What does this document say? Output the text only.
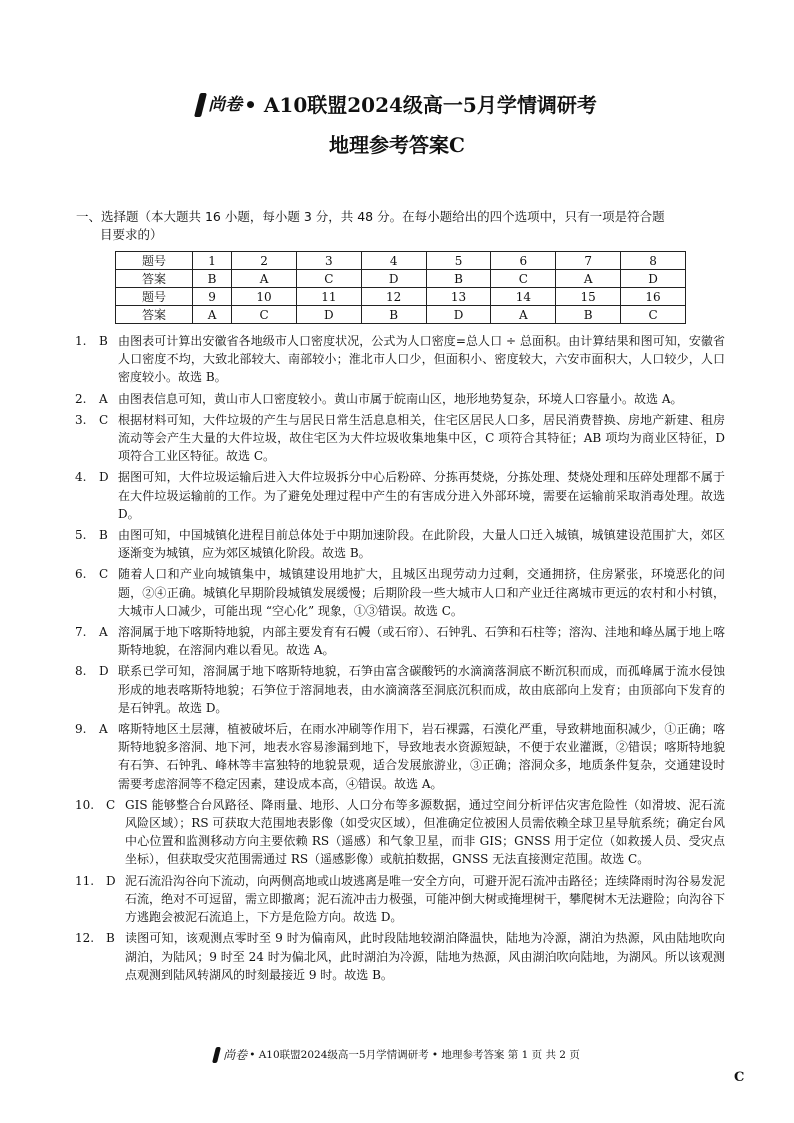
尚卷 • A10联盟2024级高一5月学情调研考
地理参考答案C
一、选择题（本大题共 16 小题，每小题 3 分，共 48 分。在每小题给出的四个选项中，只有一项是符合题
目要求的）
题号	1	2	3	4	5	6	7	8
答案	B	A	C	D	B	C	A	D
题号	9	10	11	12	13	14	15	16
答案	A	C	D	B	D	A	B	C
1.	B 由图表可计算出安徽省各地级市人口密度状况，公式为人口密度=总人口 ÷ 总面积。由计算结果和图可知，安徽省人口密度不均，大致北部较大、南部较小；淮北市人口少，但面积小、密度较大，六安市面积大，人口较少，人口密度较小。故选 B。
2.	A 由图表信息可知，黄山市人口密度较小。黄山市属于皖南山区，地形地势复杂，环境人口容量小。故选 A。
3.	C 根据材料可知，大件垃圾的产生与居民日常生活息息相关，住宅区居民人口多，居民消费替换、房地产新建、租房流动等会产生大量的大件垃圾，故住宅区为大件垃圾收集地集中区，C 项符合其特征；AB 项均为商业区特征，D 项符合工业区特征。故选 C。
4.	D 据图可知，大件垃圾运输后进入大件垃圾拆分中心后粉碎、分拣再焚烧，分拣处理、焚烧处理和压碎处理都不属于在大件垃圾运输前的工作。为了避免处理过程中产生的有害成分进入外部环境，需要在运输前采取消毒处理。故选 D。
5.	B 由图可知，中国城镇化进程目前总体处于中期加速阶段。在此阶段，大量人口迁入城镇，城镇建设范围扩大，郊区逐渐变为城镇，应为郊区城镇化阶段。故选 B。
6.	C 随着人口和产业向城镇集中，城镇建设用地扩大，且城区出现劳动力过剩，交通拥挤，住房紧张，环境恶化的问题，②④正确。城镇化早期阶段城镇发展缓慢；后期阶段一些大城市人口和产业迁往离城市更远的农村和小村镇，大城市人口减少，可能出现 “空心化” 现象，①③错误。故选 C。
7.	A 溶洞属于地下喀斯特地貌，内部主要发育有石幔（或石帘）、石钟乳、石笋和石柱等；溶沟、洼地和峰丛属于地上喀斯特地貌，在溶洞内难以看见。故选 A。
8.	D 联系已学可知，溶洞属于地下喀斯特地貌，石笋由富含碳酸钙的水滴滴落洞底不断沉积而成，而孤峰属于流水侵蚀形成的地表喀斯特地貌；石笋位于溶洞地表，由水滴滴落至洞底沉积而成，故由底部向上发育；由顶部向下发育的是石钟乳。故选 D。
9.	A 喀斯特地区土层薄，植被破坏后，在雨水冲刷等作用下，岩石裸露，石漠化严重，导致耕地面积减少，①正确；喀斯特地貌多溶洞、地下河，地表水容易渗漏到地下，导致地表水资源短缺，不便于农业灌溉，②错误；喀斯特地貌有石笋、石钟乳、峰林等丰富独特的地貌景观，适合发展旅游业，③正确；溶洞众多，地质条件复杂，交通建设时需要考虑溶洞等不稳定因素，建设成本高，④错误。故选 A。
10. C GIS 能够整合台风路径、降雨量、地形、人口分布等多源数据，通过空间分析评估灾害危险性（如滑坡、泥石流风险区域）；RS 可获取大范围地表影像（如受灾区域），但准确定位被困人员需依赖全球卫星导航系统；确定台风中心位置和监测移动方向主要依赖 RS（遥感）和气象卫星，而非 GIS；GNSS 用于定位（如救援人员、受灾点坐标），但获取受灾范围需通过 RS（遥感影像）或航拍数据，GNSS 无法直接测定范围。故选 C。
11. D 泥石流沿沟谷向下流动，向两侧高地或山坡逃离是唯一安全方向，可避开泥石流冲击路径；连续降雨时沟谷易发泥石流，绝对不可逗留，需立即撤离；泥石流冲击力极强，可能冲倒大树或掩埋树干，攀爬树木无法避险；向沟谷下方逃跑会被泥石流追上，下方是危险方向。故选 D。
12. B 读图可知，该观测点零时至 9 时为偏南风，此时段陆地较湖泊降温快，陆地为冷源，湖泊为热源，风由陆地吹向湖泊，为陆风；9 时至 24 时为偏北风，此时湖泊为冷源，陆地为热源，风由湖泊吹向陆地，为湖风。所以该观测点观测到陆风转湖风的时刻最接近 9 时。故选 B。
尚卷 • A10联盟2024级高一5月学情调研考 • 地理参考答案 第 1 页 共 2 页
C
